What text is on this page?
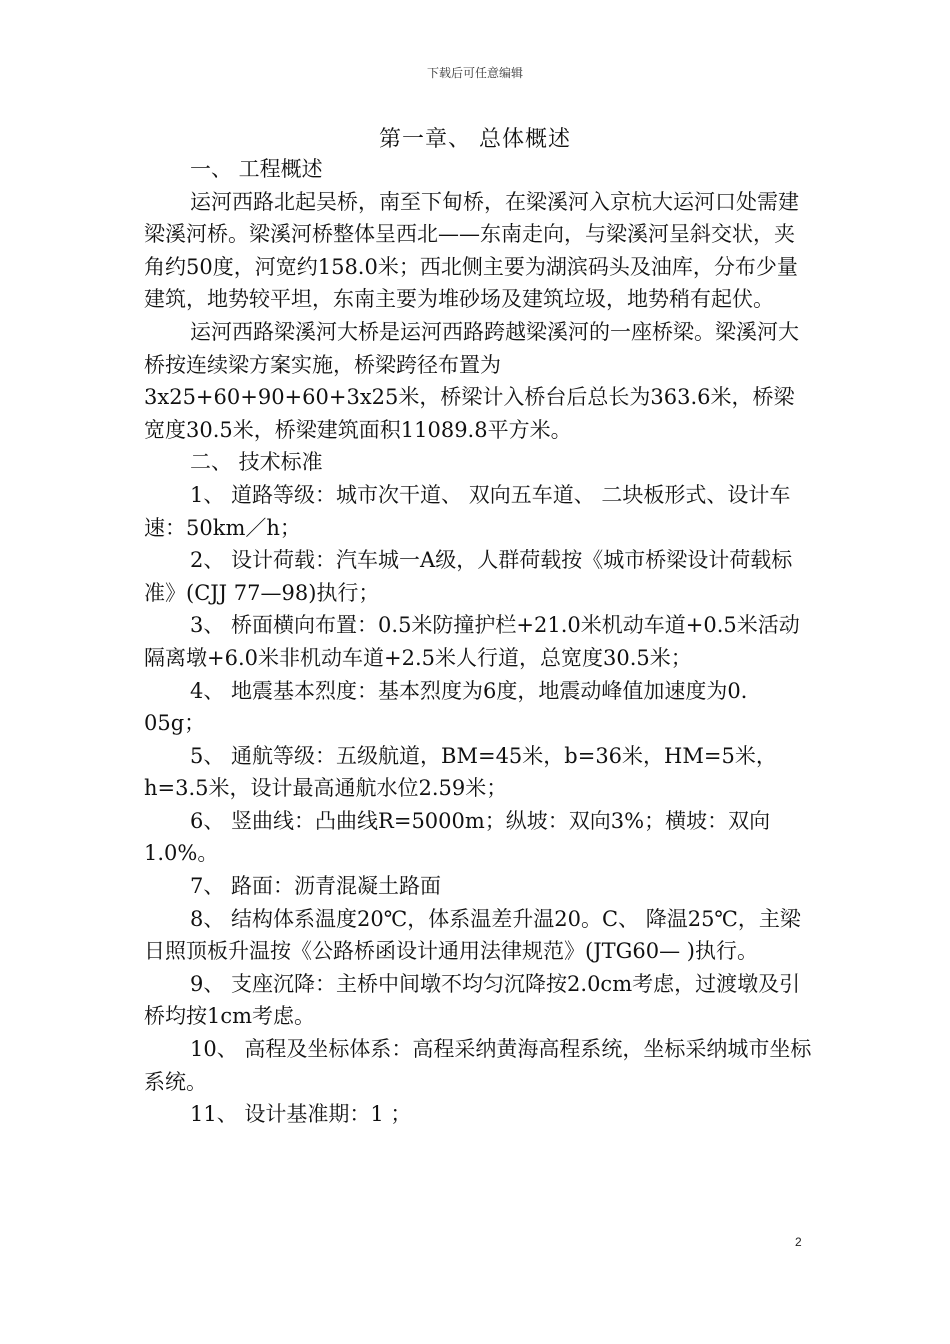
下载后可任意编辑
第一章、 总体概述

一、 工程概述

运河西路北起吴桥，南至下甸桥，在梁溪河入京杭大运河口处需建梁溪河桥。梁溪河桥整体呈西北——东南走向，与梁溪河呈斜交状，夹角约50度，河宽约158.0米；西北侧主要为湖滨码头及油库，分布少量建筑，地势较平坦，东南主要为堆砂场及建筑垃圾，地势稍有起伏。

运河西路梁溪河大桥是运河西路跨越梁溪河的一座桥梁。梁溪河大桥按连续梁方案实施，桥梁跨径布置为

3x25+60+90+60+3x25米，桥梁计入桥台后总长为363.6米，桥梁宽度30.5米，桥梁建筑面积11089.8平方米。

二、 技术标准

1、 道路等级：城市次干道、 双向五车道、 二块板形式、设计车速：50km／h；

2、 设计荷载：汽车城一A级，人群荷载按《城市桥梁设计荷载标准》(CJJ 77—98)执行；

3、 桥面横向布置：0.5米防撞护栏+21.0米机动车道+0.5米活动隔离墩+6.0米非机动车道+2.5米人行道，总宽度30.5米；

4、 地震基本烈度：基本烈度为6度，地震动峰值加速度为0．05g；

5、 通航等级：五级航道，BM=45米，b=36米，HM=5米，h=3.5米，设计最高通航水位2.59米；

6、 竖曲线：凸曲线R=5000m；纵坡：双向3%；横坡：双向1.0%。

7、 路面：沥青混凝土路面

8、 结构体系温度20℃，体系温差升温20。C、 降温25℃，主梁日照顶板升温按《公路桥函设计通用法律规范》(JTG60— )执行。

9、 支座沉降：主桥中间墩不均匀沉降按2.0cm考虑，过渡墩及引桥均按1cm考虑。

10、 高程及坐标体系：高程采纳黄海高程系统，坐标采纳城市坐标系统。

11、 设计基准期：1 ；

2
